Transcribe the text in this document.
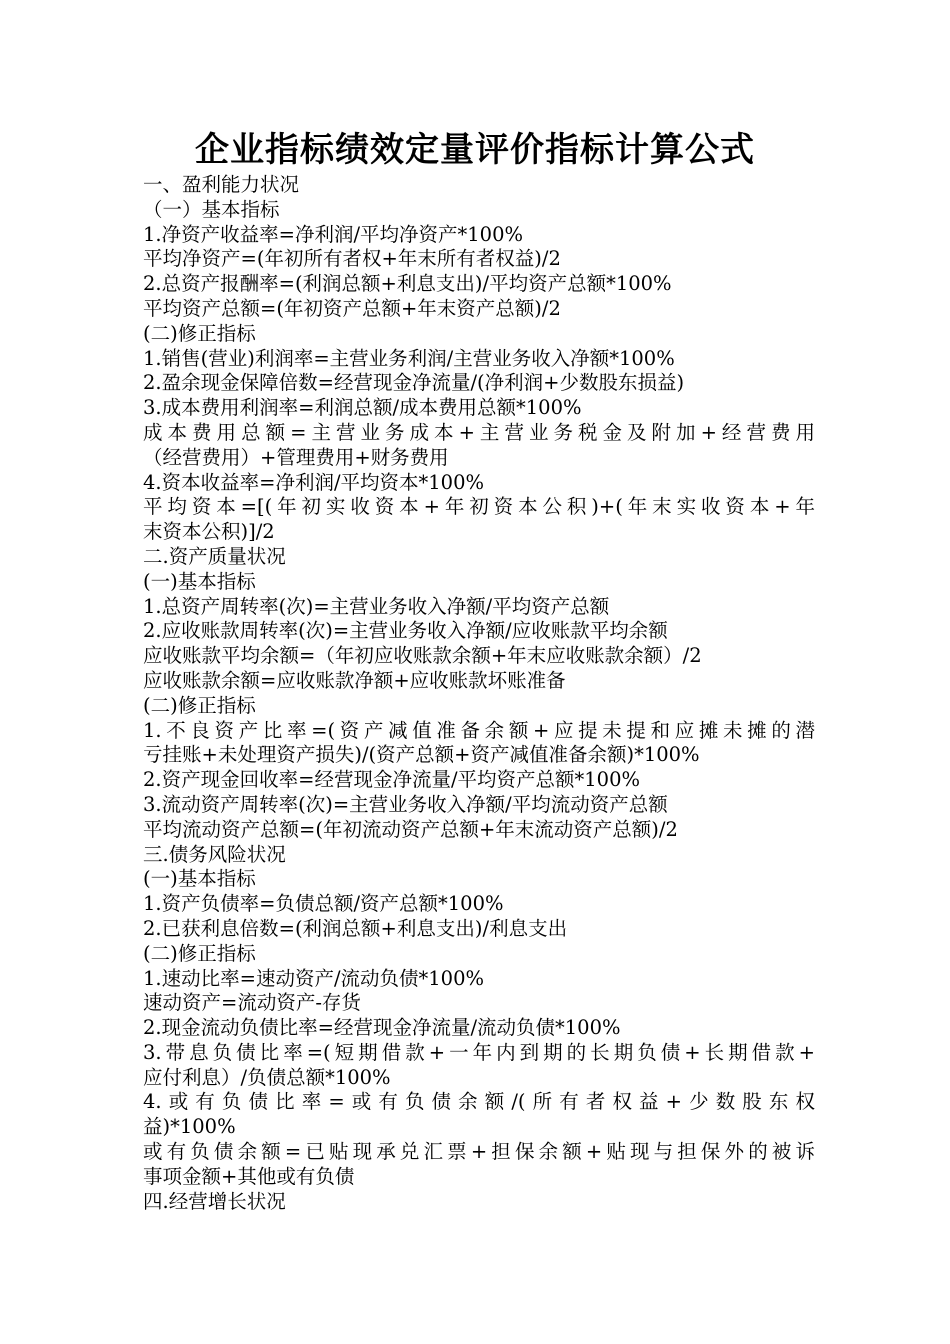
企业指标绩效定量评价指标计算公式
一、盈利能力状况
（一）基本指标
1.净资产收益率=净利润/平均净资产*100%
平均净资产=(年初所有者权+年末所有者权益)/2
2.总资产报酬率=(利润总额+利息支出)/平均资产总额*100%
平均资产总额=(年初资产总额+年末资产总额)/2
(二)修正指标
1.销售(营业)利润率=主营业务利润/主营业务收入净额*100%
2.盈余现金保障倍数=经营现金净流量/(净利润+少数股东损益)
3.成本费用利润率=利润总额/成本费用总额*100%
成本费用总额=主营业务成本+主营业务税金及附加+经营费用
（经营费用）+管理费用+财务费用
4.资本收益率=净利润/平均资本*100%
平均资本=[(年初实收资本+年初资本公积)+(年末实收资本+年
末资本公积)]/2
二.资产质量状况
(一)基本指标
1.总资产周转率(次)=主营业务收入净额/平均资产总额
2.应收账款周转率(次)=主营业务收入净额/应收账款平均余额
应收账款平均余额=（年初应收账款余额+年末应收账款余额）/2
应收账款余额=应收账款净额+应收账款坏账准备
(二)修正指标
1.不良资产比率=(资产减值准备余额+应提未提和应摊未摊的潜
亏挂账+未处理资产损失)/(资产总额+资产减值准备余额)*100%
2.资产现金回收率=经营现金净流量/平均资产总额*100%
3.流动资产周转率(次)=主营业务收入净额/平均流动资产总额
平均流动资产总额=(年初流动资产总额+年末流动资产总额)/2
三.债务风险状况
(一)基本指标
1.资产负债率=负债总额/资产总额*100%
2.已获利息倍数=(利润总额+利息支出)/利息支出
(二)修正指标
1.速动比率=速动资产/流动负债*100%
速动资产=流动资产-存货
2.现金流动负债比率=经营现金净流量/流动负债*100%
3.带息负债比率=(短期借款+一年内到期的长期负债+长期借款+
应付利息）/负债总额*100%
4.或有负债比率=或有负债余额/(所有者权益+少数股东权
益)*100%
或有负债余额=已贴现承兑汇票+担保余额+贴现与担保外的被诉
事项金额+其他或有负债
四.经营增长状况
